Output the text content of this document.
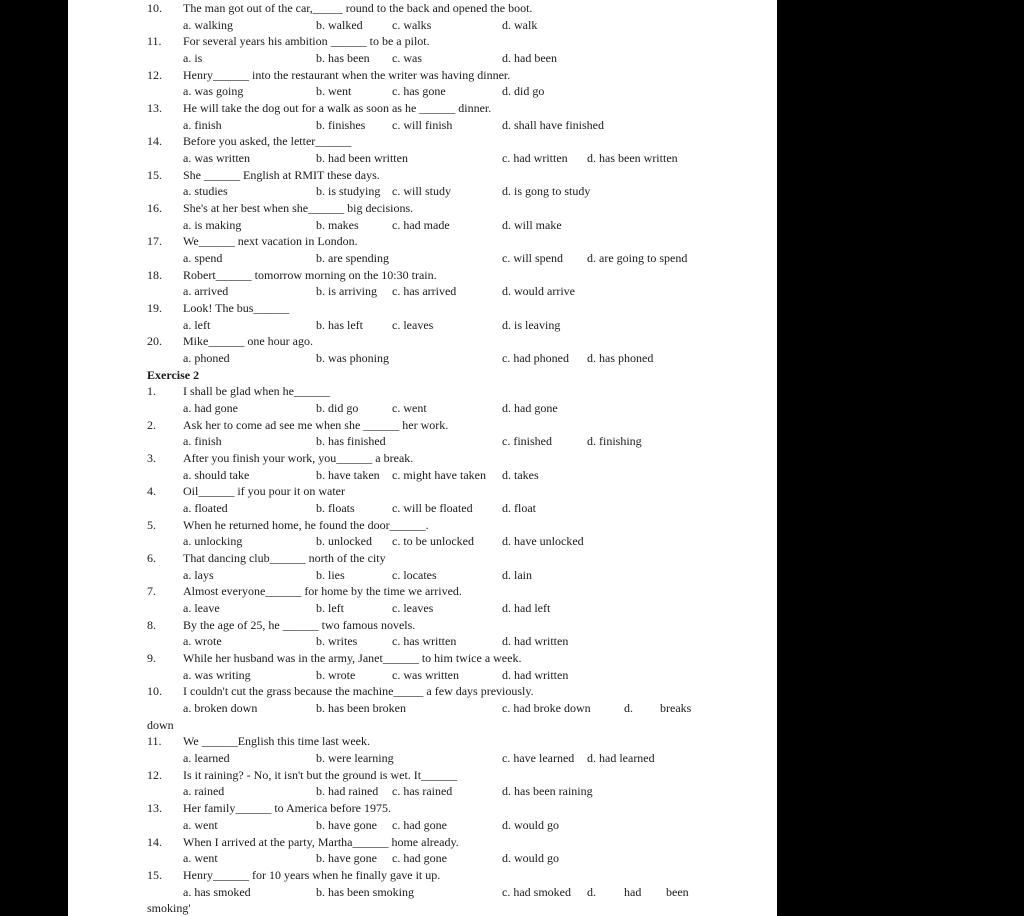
10. The man got out of the car,_____ round to the back and opened the boot.
a. walking	b. walked c. walks	d. walk
11. For several years his ambition ______ to be a pilot.
a. is	b. has been c. was	d. had been
12. Henry______ into the restaurant when the writer was having dinner.
a. was going	b. went	c. has gone	d. did go
13. He will take the dog out for a walk as soon as he ______ dinner.
a. finish	b. finishes c. will finish	d. shall have finished
14. Before you asked, the letter______
a. was written	b. had been written	c. had written d. has been written
15. She ______ English at RMIT these days.
a. studies	b. is studying c. will study	d. is gong to study
16. She's at her best when she______ big decisions.
a. is making	b. makes	c. had made	d. will make
17. We______ next vacation in London.
a. spend	b. are spending	c. will spend d. are going to spend
18. Robert______ tomorrow morning on the 10:30 train.
a. arrived	b. is arriving c. has arrived	d. would arrive
19. Look! The bus______
a. left	b. has left c. leaves	d. is leaving
20. Mike______ one hour ago.
a. phoned	b. was phoning	c. had phoned d. has phoned
Exercise 2
1. I shall be glad when he______
a. had gone	b. did go	c. went	d. had gone
2. Ask her to come ad see me when she ______ her work.
a. finish	b. has finished	c. finished	d. finishing
3. After you finish your work, you______ a break.
a. should take	b. have taken c. might have taken d. takes
4. Oil______ if you pour it on water
a. floated	b. floats	c. will be floated d. float
5. When he returned home, he found the door______.
a. unlocking	b. unlocked c. to be unlocked d. have unlocked
6. That dancing club______ north of the city
a. lays	b. lies	c. locates	d. lain
7. Almost everyone______ for home by the time we arrived.
a. leave	b. left	c. leaves	d. had left
8. By the age of 25, he ______ two famous novels.
a. wrote	b. writes	c. has written	d. had written
9. While her husband was in the army, Janet______ to him twice a week.
a. was writing	b. wrote	c. was written	d. had written
10. I couldn't cut the grass because the machine_____ a few days previously.
a. broken down	b. has been broken	c. had broke down	d. breaks
down
11. We ______English this time last week.
a. learned	b. were learning	c. have learned d. had learned
12. Is it raining? - No, it isn't but the ground is wet. It______
a. rained	b. had rained c. has rained	d. has been raining
13. Her family______ to America before 1975.
a. went	b. have gone c. had gone	d. would go
14. When I arrived at the party, Martha______ home already.
a. went	b. have gone c. had gone	d. would go
15. Henry______ for 10 years when he finally gave it up.
a. has smoked	b. has been smoking	c. had smoked d. had been
smoking'
